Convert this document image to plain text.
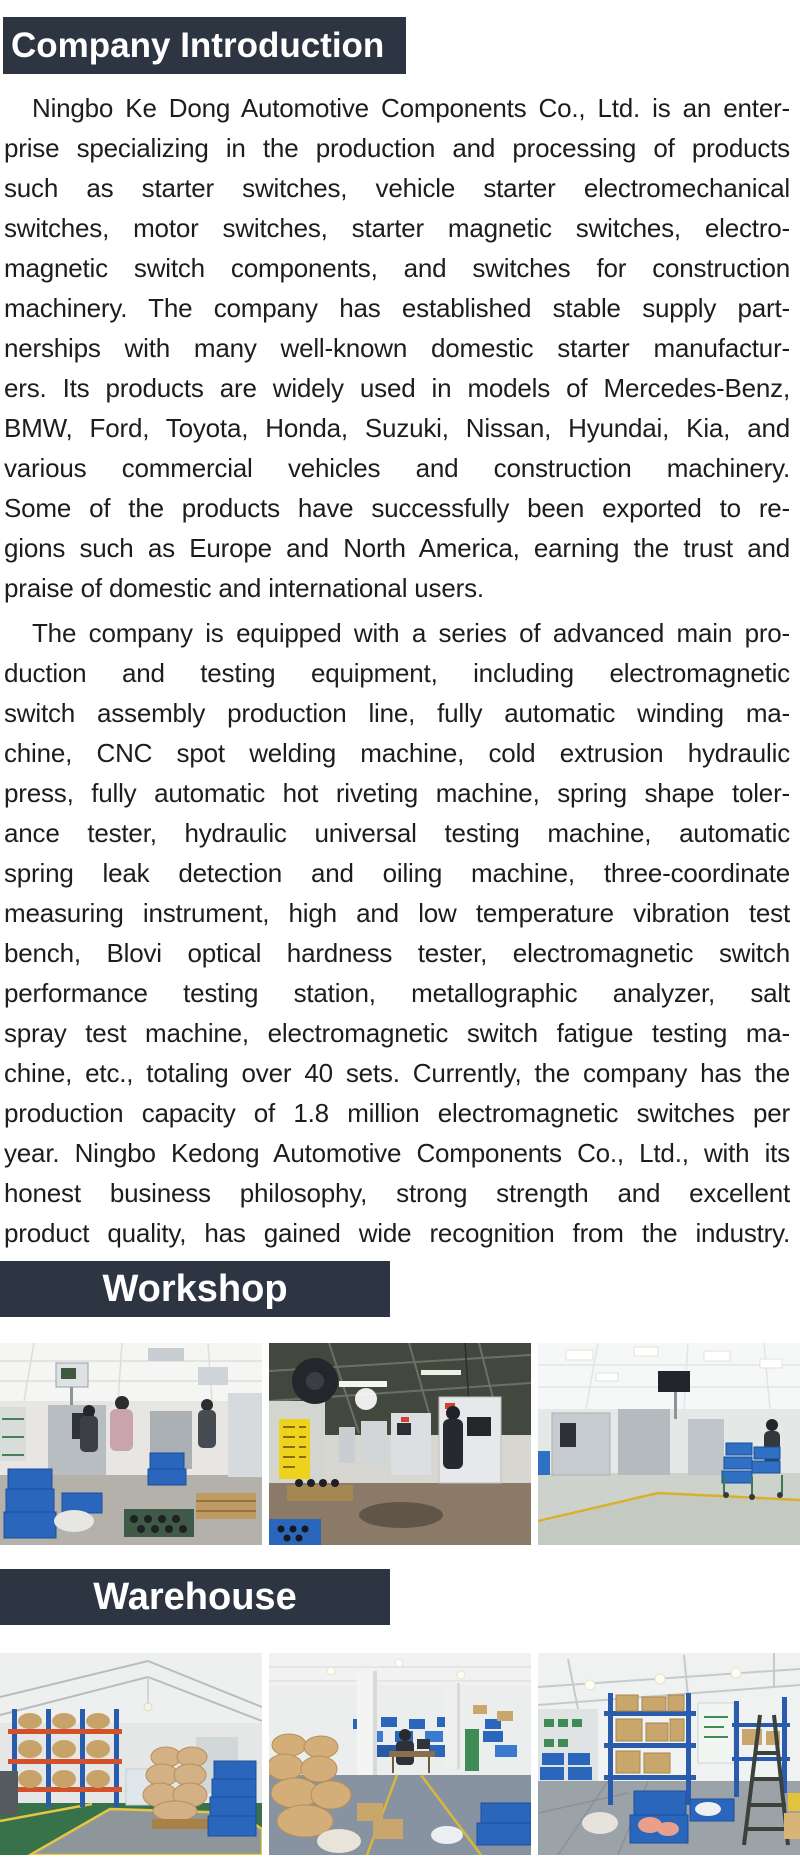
Company Introduction
Ningbo Ke Dong Automotive Components Co., Ltd. is an enter-
prise specializing in the production and processing of products
such as starter switches, vehicle starter electromechanical
switches, motor switches, starter magnetic switches, electro-
magnetic switch components, and switches for construction
machinery. The company has established stable supply part-
nerships with many well-known domestic starter manufactur-
ers. Its products are widely used in models of Mercedes-Benz,
BMW, Ford, Toyota, Honda, Suzuki, Nissan, Hyundai, Kia, and
various commercial vehicles and construction machinery.
Some of the products have successfully been exported to re-
gions such as Europe and North America, earning the trust and
praise of domestic and international users.
The company is equipped with a series of advanced main pro-
duction and testing equipment, including electromagnetic
switch assembly production line, fully automatic winding ma-
chine, CNC spot welding machine, cold extrusion hydraulic
press, fully automatic hot riveting machine, spring shape toler-
ance tester, hydraulic universal testing machine, automatic
spring leak detection and oiling machine, three-coordinate
measuring instrument, high and low temperature vibration test
bench, Blovi optical hardness tester, electromagnetic switch
performance testing station, metallographic analyzer, salt
spray test machine, electromagnetic switch fatigue testing ma-
chine, etc., totaling over 40 sets. Currently, the company has the
production capacity of 1.8 million electromagnetic switches per
year. Ningbo Kedong Automotive Components Co., Ltd., with its
honest business philosophy, strong strength and excellent
product quality, has gained wide recognition from the industry.
Workshop
Warehouse
